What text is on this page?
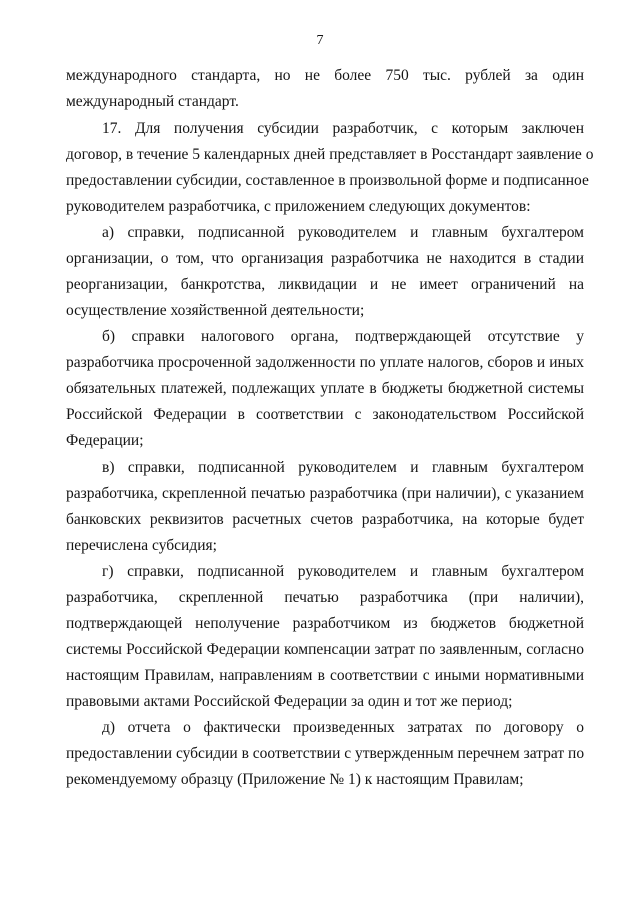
7
международного стандарта, но не более 750 тыс. рублей за один
международный стандарт.
17. Для получения субсидии разработчик, с которым заключен
договор, в течение 5 календарных дней представляет в Росстандарт заявление о
предоставлении субсидии, составленное в произвольной форме и подписанное
руководителем разработчика, с приложением следующих документов:
а) справки, подписанной руководителем и главным бухгалтером
организации, о том, что организация разработчика не находится в стадии
реорганизации, банкротства, ликвидации и не имеет ограничений на
осуществление хозяйственной деятельности;
б) справки налогового органа, подтверждающей отсутствие у
разработчика просроченной задолженности по уплате налогов, сборов и иных
обязательных платежей, подлежащих уплате в бюджеты бюджетной системы
Российской Федерации в соответствии с законодательством Российской
Федерации;
в) справки, подписанной руководителем и главным бухгалтером
разработчика, скрепленной печатью разработчика (при наличии), с указанием
банковских реквизитов расчетных счетов разработчика, на которые будет
перечислена субсидия;
г) справки, подписанной руководителем и главным бухгалтером
разработчика, скрепленной печатью разработчика (при наличии),
подтверждающей неполучение разработчиком из бюджетов бюджетной
системы Российской Федерации компенсации затрат по заявленным, согласно
настоящим Правилам, направлениям в соответствии с иными нормативными
правовыми актами Российской Федерации за один и тот же период;
д) отчета о фактически произведенных затратах по договору о
предоставлении субсидии в соответствии с утвержденным перечнем затрат по
рекомендуемому образцу (Приложение № 1) к настоящим Правилам;
